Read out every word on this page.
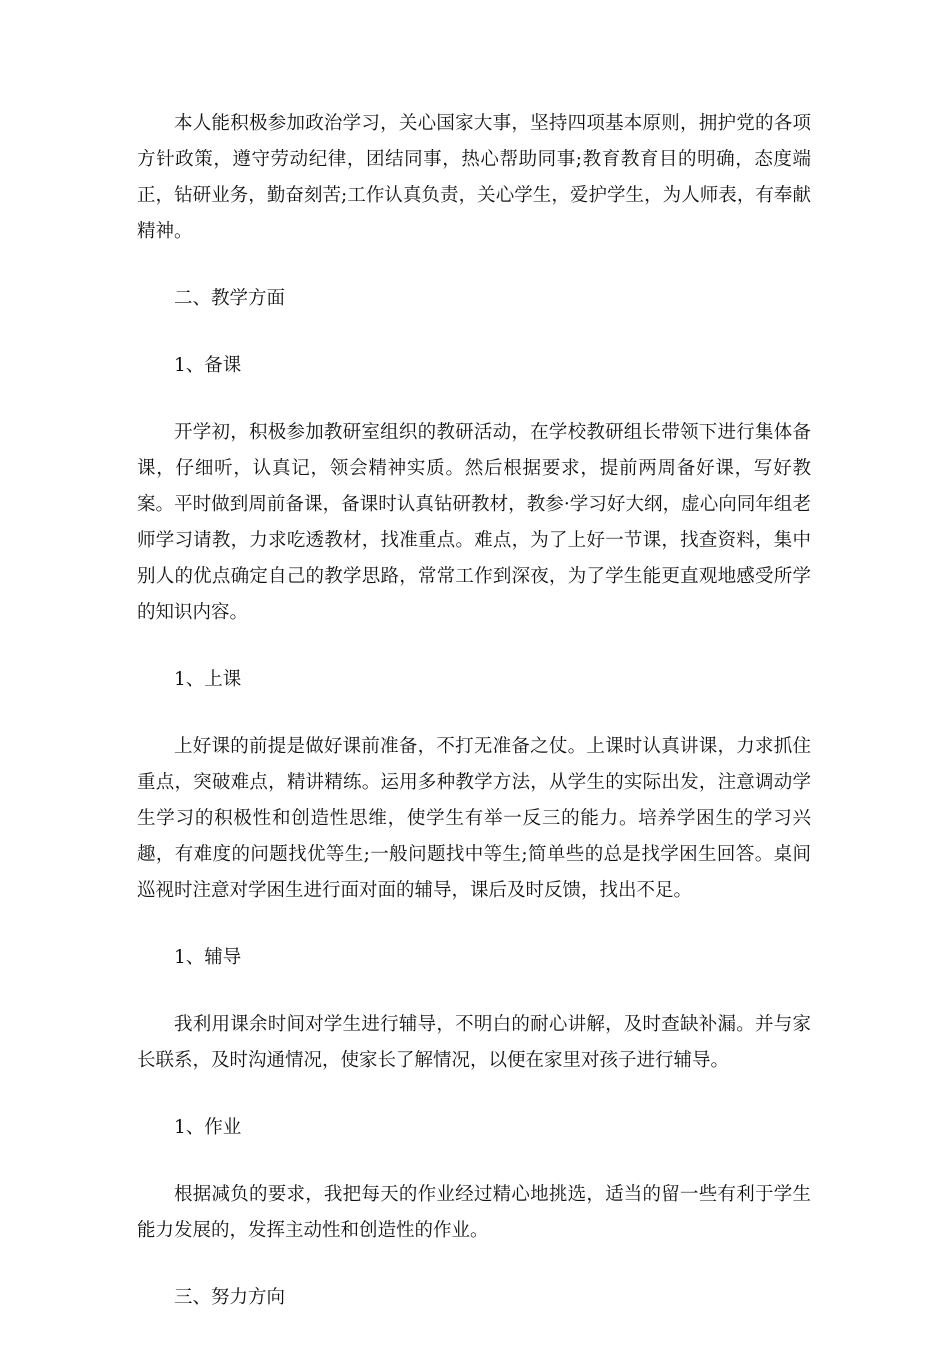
本人能积极参加政治学习，关心国家大事，坚持四项基本原则，拥护党的各项方针政策，遵守劳动纪律，团结同事，热心帮助同事;教育教育目的明确，态度端正，钻研业务，勤奋刻苦;工作认真负责，关心学生，爱护学生，为人师表，有奉献精神。

二、教学方面

1、备课

开学初，积极参加教研室组织的教研活动，在学校教研组长带领下进行集体备课，仔细听，认真记，领会精神实质。然后根据要求，提前两周备好课，写好教案。平时做到周前备课，备课时认真钻研教材，教参·学习好大纲，虚心向同年组老师学习请教，力求吃透教材，找准重点。难点，为了上好一节课，找查资料，集中别人的优点确定自己的教学思路，常常工作到深夜，为了学生能更直观地感受所学的知识内容。

1、上课

上好课的前提是做好课前准备，不打无准备之仗。上课时认真讲课，力求抓住重点，突破难点，精讲精练。运用多种教学方法，从学生的实际出发，注意调动学生学习的积极性和创造性思维，使学生有举一反三的能力。培养学困生的学习兴趣，有难度的问题找优等生;一般问题找中等生;简单些的总是找学困生回答。桌间巡视时注意对学困生进行面对面的辅导，课后及时反馈，找出不足。

1、辅导

我利用课余时间对学生进行辅导，不明白的耐心讲解，及时查缺补漏。并与家长联系，及时沟通情况，使家长了解情况，以便在家里对孩子进行辅导。

1、作业

根据减负的要求，我把每天的作业经过精心地挑选，适当的留一些有利于学生能力发展的，发挥主动性和创造性的作业。

三、努力方向
